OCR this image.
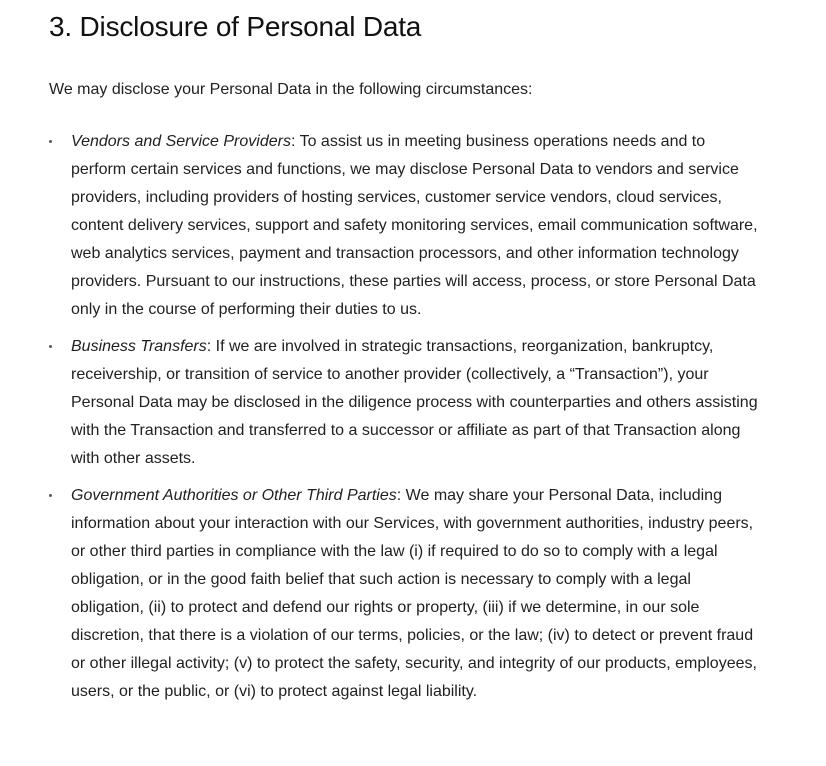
3. Disclosure of Personal Data

We may disclose your Personal Data in the following circumstances:

Vendors and Service Providers: To assist us in meeting business operations needs and to perform certain services and functions, we may disclose Personal Data to vendors and service providers, including providers of hosting services, customer service vendors, cloud services, content delivery services, support and safety monitoring services, email communication software, web analytics services, payment and transaction processors, and other information technology providers. Pursuant to our instructions, these parties will access, process, or store Personal Data only in the course of performing their duties to us.
Business Transfers: If we are involved in strategic transactions, reorganization, bankruptcy, receivership, or transition of service to another provider (collectively, a “Transaction”), your Personal Data may be disclosed in the diligence process with counterparties and others assisting with the Transaction and transferred to a successor or affiliate as part of that Transaction along with other assets.
Government Authorities or Other Third Parties: We may share your Personal Data, including information about your interaction with our Services, with government authorities, industry peers, or other third parties in compliance with the law (i) if required to do so to comply with a legal obligation, or in the good faith belief that such action is necessary to comply with a legal obligation, (ii) to protect and defend our rights or property, (iii) if we determine, in our sole discretion, that there is a violation of our terms, policies, or the law; (iv) to detect or prevent fraud or other illegal activity; (v) to protect the safety, security, and integrity of our products, employees, users, or the public, or (vi) to protect against legal liability.
